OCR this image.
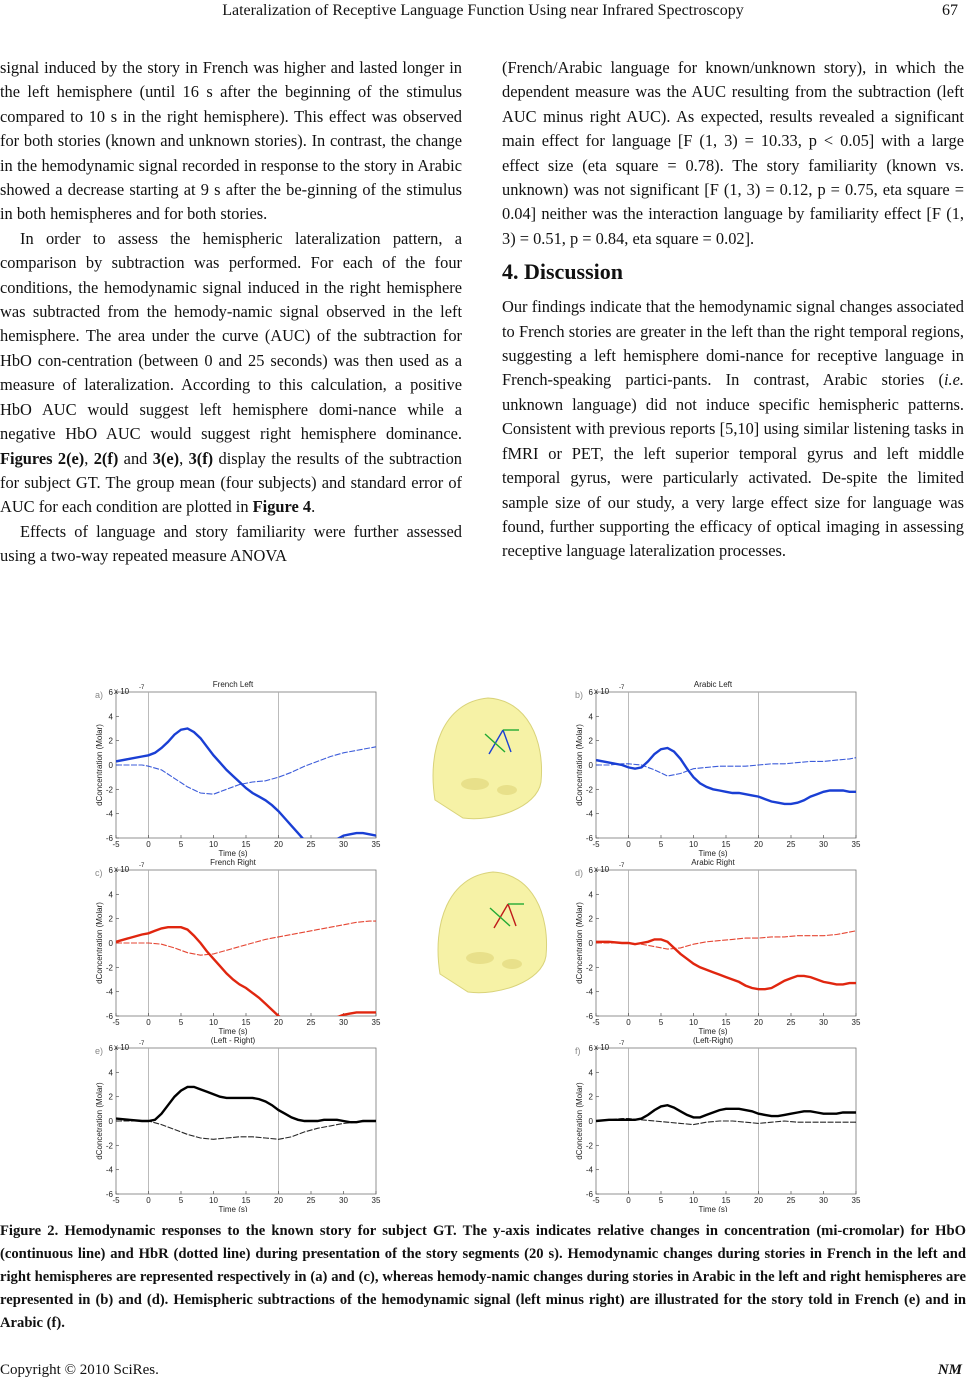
Lateralization of Receptive Language Function Using near Infrared Spectroscopy	67

signal induced by the story in French was higher and lasted longer in the left hemisphere (until 16 s after the beginning of the stimulus compared to 10 s in the right hemisphere). This effect was observed for both stories (known and unknown stories). In contrast, the change in the hemodynamic signal recorded in response to the story in Arabic showed a decrease starting at 9 s after the be-ginning of the stimulus in both hemispheres and for both stories.

In order to assess the hemispheric lateralization pattern, a comparison by subtraction was performed. For each of the four conditions, the hemodynamic signal induced in the right hemisphere was subtracted from the hemody-namic signal observed in the left hemisphere. The area under the curve (AUC) of the subtraction for HbO con-centration (between 0 and 25 seconds) was then used as a measure of lateralization. According to this calculation, a positive HbO AUC would suggest left hemisphere domi-nance while a negative HbO AUC would suggest right hemisphere dominance. Figures 2(e), 2(f) and 3(e), 3(f) display the results of the subtraction for subject GT. The group mean (four subjects) and standard error of AUC for each condition are plotted in Figure 4.

Effects of language and story familiarity were further assessed using a two-way repeated measure ANOVA

(French/Arabic language for known/unknown story), in which the dependent measure was the AUC resulting from the subtraction (left AUC minus right AUC). As expected, results revealed a significant main effect for language [F (1, 3) = 10.33, p < 0.05] with a large effect size (eta square = 0.78). The story familiarity (known vs. unknown) was not significant [F (1, 3) = 0.12, p = 0.75, eta square = 0.04] neither was the interaction language by familiarity effect [F (1, 3) = 0.51, p = 0.84, eta square = 0.02].

4. Discussion

Our findings indicate that the hemodynamic signal changes associated to French stories are greater in the left than the right temporal regions, suggesting a left hemisphere domi-nance for receptive language in French-speaking partici-pants. In contrast, Arabic stories (i.e. unknown language) did not induce specific hemispheric patterns. Consistent with previous reports [5,10] using similar listening tasks in fMRI or PET, the left superior temporal gyrus and left middle temporal gyrus, were particularly activated. De-spite the limited sample size of our study, a very large effect size for language was found, further supporting the efficacy of optical imaging in assessing receptive language lateralization processes.

-5	0	5	10	15	20	25	30	35
-6
-4
-2
0
2
4
6
French Left
Time (s)
dConcentration (Molar)
a) x 10 -7
-5	0	5	10	15	20	25	30	35
-6
-4
-2
0
2
4
6
Arabic Left
Time (s)
dConcentration (Molar)
b) x 10 -7
-5	0	5	10	15	20	25	30	35
-6
-4
-2
0
2
4
6
French Right
Time (s)
dConcentration (Molar)
c) x 10 -7
-5	0	5	10	15	20	25	30	35
-6
-4
-2
0
2
4
6
Arabic Right
Time (s)
dConcentration (Molar)
d) x 10 -7
-5	0	5	10	15	20	25	30	35
-6
-4
-2
0
2
4
6
(Left - Right)
Time (s)
dConcetration (Molar)
e) x 10 -7
-5	0	5	10	15	20	25	30	35
-6
-4
-2
0
2
4
6
(Left-Right)
Time (s)
dConcetration (Molar)
f) x 10 -7
Figure 2. Hemodynamic responses to the known story for subject GT. The y-axis indicates relative changes in concentration (mi-cromolar) for HbO (continuous line) and HbR (dotted line) during presentation of the story segments (20 s). Hemodynamic changes during stories in French in the left and right hemispheres are represented respectively in (a) and (c), whereas hemody-namic changes during stories in Arabic in the left and right hemispheres are represented in (b) and (d). Hemispheric subtractions of the hemodynamic signal (left minus right) are illustrated for the story told in French (e) and in Arabic (f).
Copyright © 2010 SciRes.	NM
